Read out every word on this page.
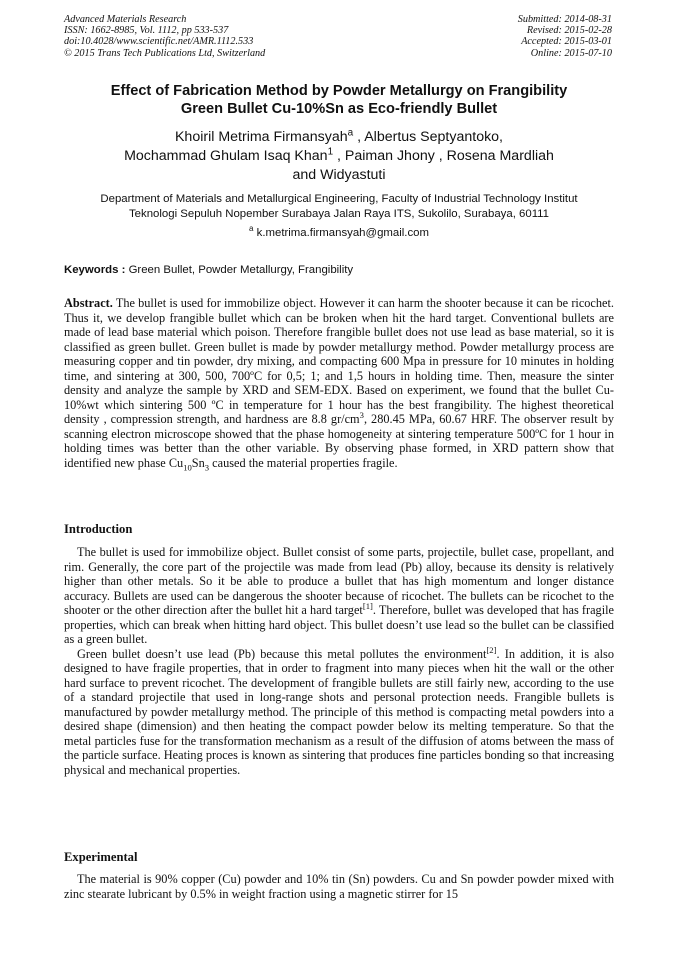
Advanced Materials Research
ISSN: 1662-8985, Vol. 1112, pp 533-537
doi:10.4028/www.scientific.net/AMR.1112.533
© 2015 Trans Tech Publications Ltd, Switzerland
Submitted: 2014-08-31
Revised: 2015-02-28
Accepted: 2015-03-01
Online: 2015-07-10
Effect of Fabrication Method by Powder Metallurgy on Frangibility
Green Bullet Cu-10%Sn as Eco-friendly Bullet
Khoiril Metrima Firmansyah$^a$ , Albertus Septyantoko,
Mochammad Ghulam Isaq Khan$^1$ , Paiman Jhony , Rosena Mardliah
and Widyastuti
Department of Materials and Metallurgical Engineering, Faculty of Industrial Technology Institut
Teknologi Sepuluh Nopember Surabaya Jalan Raya ITS, Sukolilo, Surabaya, 60111
$^a$ k.metrima.firmansyah@gmail.com
Keywords : Green Bullet, Powder Metallurgy, Frangibility
Abstract. The bullet is used for immobilize object. However it can harm the shooter because it can be ricochet. Thus it, we develop frangible bullet which can be broken when hit the hard target. Conventional bullets are made of lead base material which poison. Therefore frangible bullet does not use lead as base material, so it is classified as green bullet. Green bullet is made by powder metallurgy method. Powder metallurgy process are measuring copper and tin powder, dry mixing, and compacting 600 Mpa in pressure for 10 minutes in holding time, and sintering at 300, 500, 700ºC for 0,5; 1; and 1,5 hours in holding time. Then, measure the sinter density and analyze the sample by XRD and SEM-EDX. Based on experiment, we found that the bullet Cu-10%wt which sintering 500 ºC in temperature for 1 hour has the best frangibility. The highest theoretical density , compression strength, and hardness are 8.8 $gr/cm^3$, 280.45 MPa, 60.67 HRF. The observer result by scanning electron microscope showed that the phase homogeneity at sintering temperature 500ºC for 1 hour in holding times was better than the other variable. By observing phase formed, in XRD pattern show that identified new phase $Cu_{10}Sn_3$ caused the material properties fragile.
Introduction

The bullet is used for immobilize object. Bullet consist of some parts, projectile, bullet case, propellant, and rim. Generally, the core part of the projectile was made from lead (Pb) alloy, because its density is relatively higher than other metals. So it be able to produce a bullet that has high momentum and longer distance accuracy. Bullets are used can be dangerous the shooter because of ricochet. The bullets can be ricochet to the shooter or the other direction after the bullet hit a hard target[1]. Therefore, bullet was developed that has fragile properties, which can break when hitting hard object. This bullet doesn’t use lead so the bullet can be classified as a green bullet.

Green bullet doesn’t use lead (Pb) because this metal pollutes the environment[2]. In addition, it is also designed to have fragile properties, that in order to fragment into many pieces when hit the wall or the other hard surface to prevent ricochet. The development of frangible bullets are still fairly new, according to the use of a standard projectile that used in long-range shots and personal protection needs. Frangible bullets is manufactured by powder metallurgy method. The principle of this method is compacting metal powders into a desired shape (dimension) and then heating the compact powder below its melting temperature. So that the metal particles fuse for the transformation mechanism as a result of the diffusion of atoms between the mass of the particle surface. Heating proces is known as sintering that produces fine particles bonding so that increasing physical and mechanical properties.

Experimental

The material is 90% copper (Cu) powder and 10% tin (Sn) powders. Cu and Sn powder powder mixed with zinc stearate lubricant by 0.5% in weight fraction using a magnetic stirrer for 15
